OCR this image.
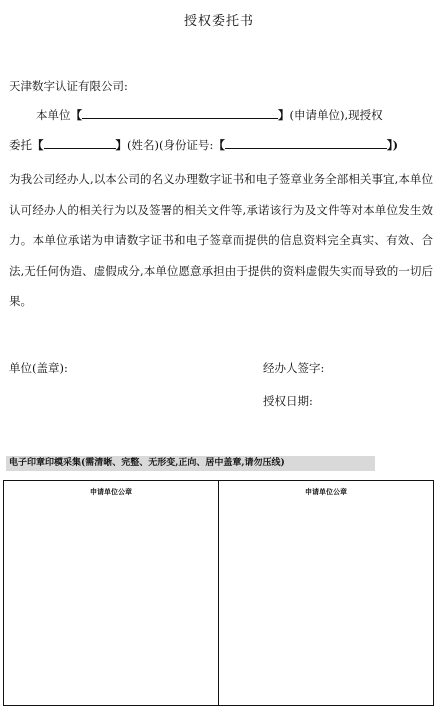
授权委托书
天津数字认证有限公司:
本单位【	】(申请单位),现授权
委托【	】(姓名)(身份证号:【	】)
为我公司经办人,以本公司的名义办理数字证书和电子签章业务全部相关事宜,本单位认可经办人的相关行为以及签署的相关文件等,承诺该行为及文件等对本单位发生效力。本单位承诺为申请数字证书和电子签章而提供的信息资料完全真实、有效、合法,无任何伪造、虚假成分,本单位愿意承担由于提供的资料虚假失实而导致的一切后果。
单位(盖章):	经办人签字:
授权日期:
电子印章印模采集(需清晰、完整、无形变,正向、居中盖章,请勿压线)
申请单位公章	申请单位公章
